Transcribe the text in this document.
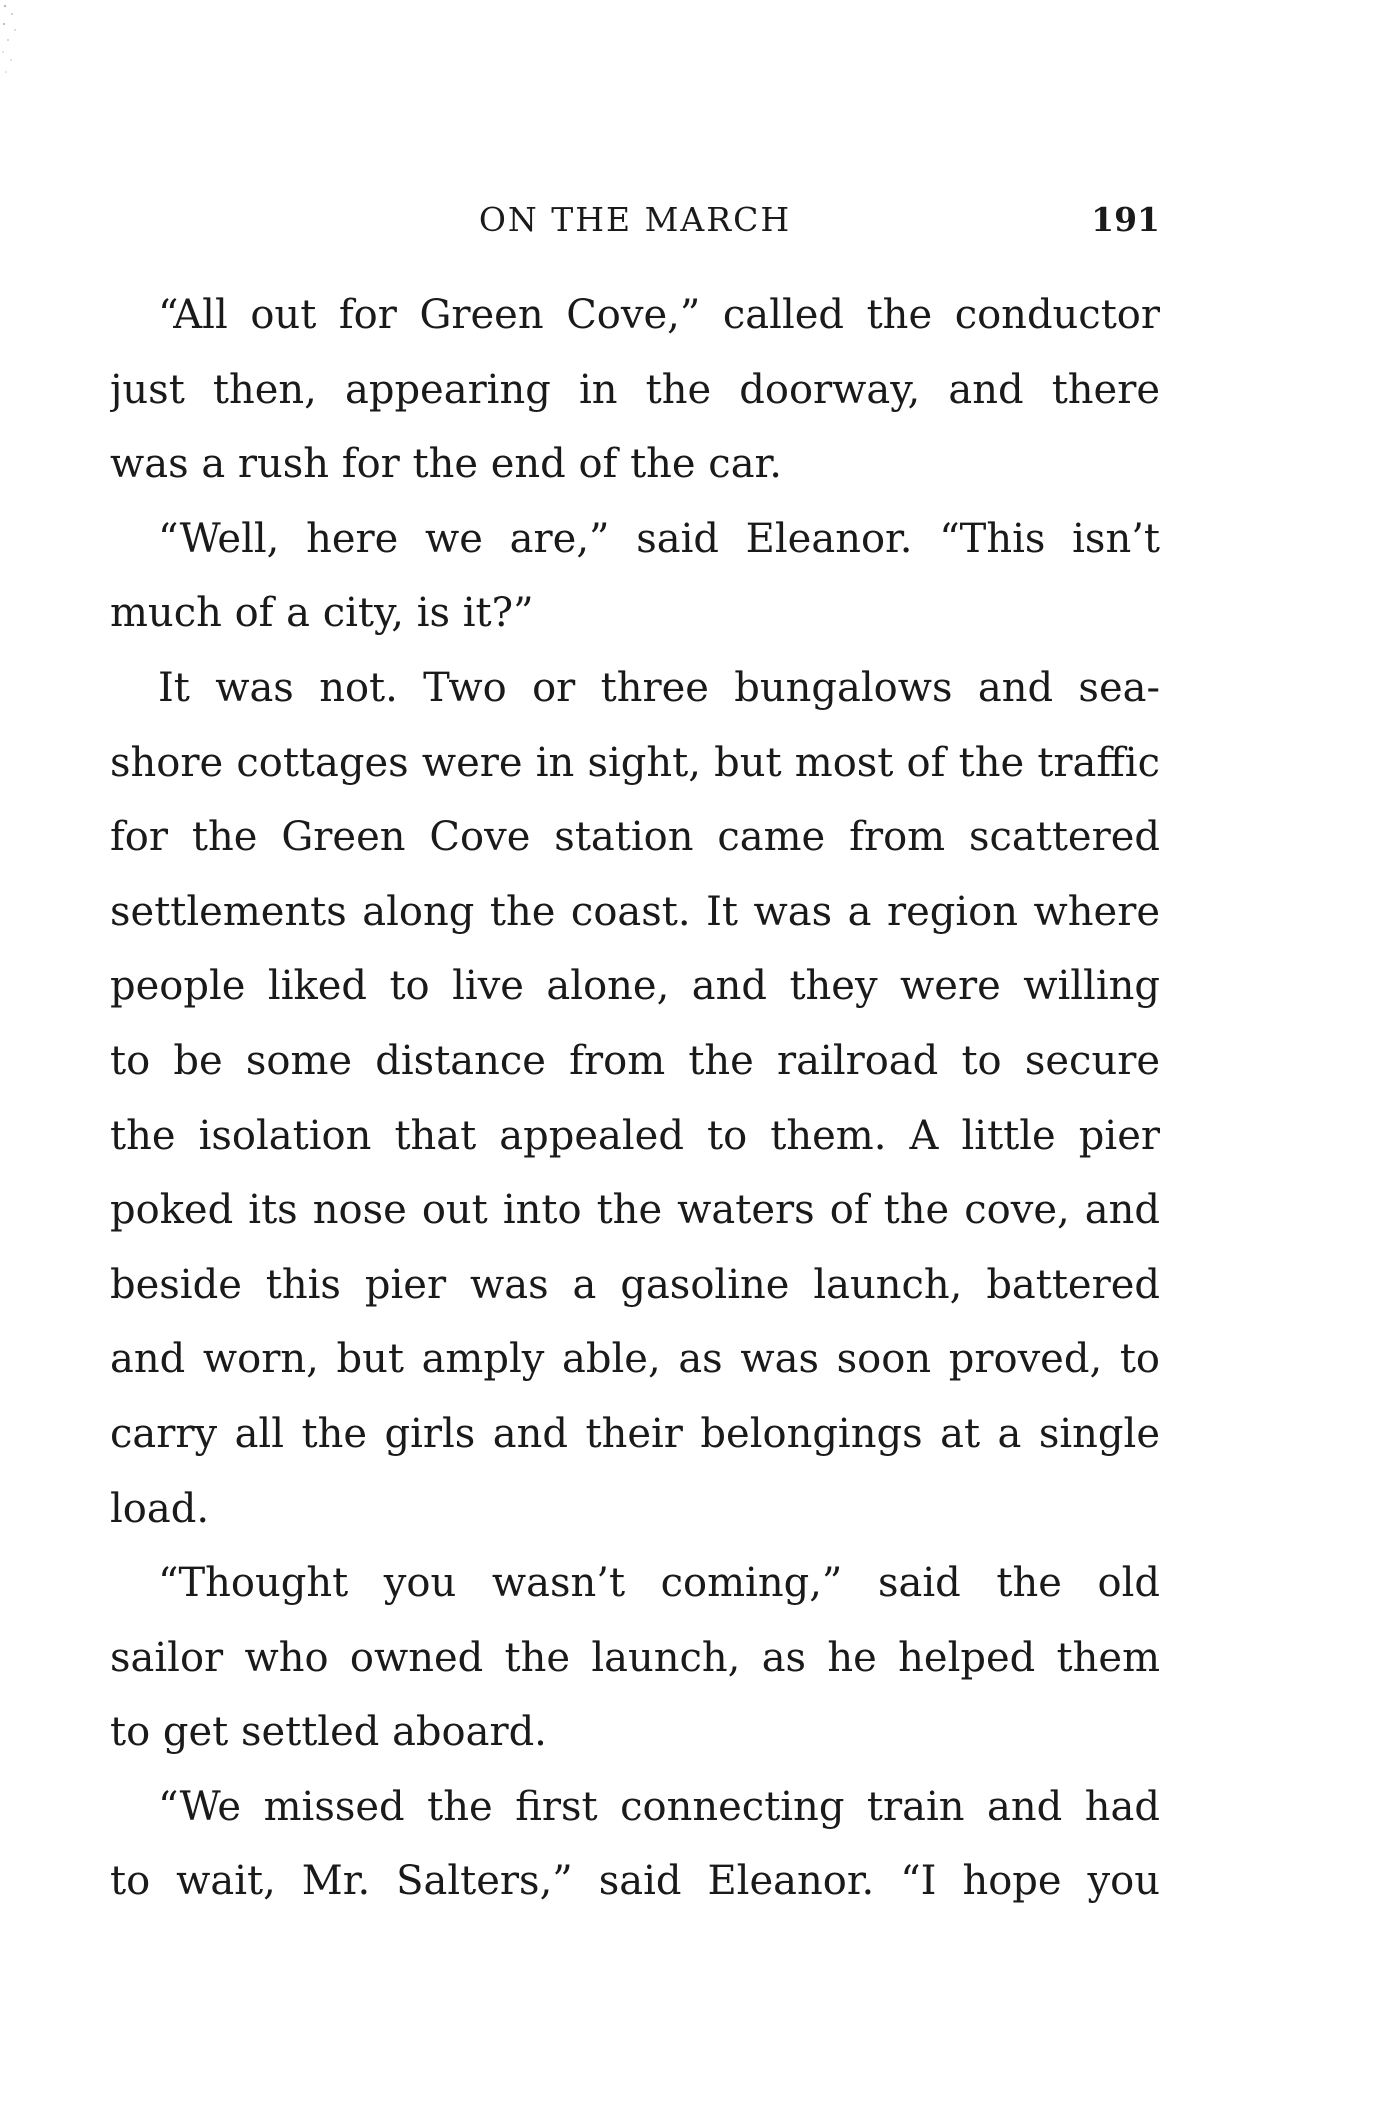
ON THE MARCH	191
“All out for Green Cove,” called the conductor
just then, appearing in the doorway, and there
was a rush for the end of the car.
“Well, here we are,” said Eleanor. “This isn’t
much of a city, is it?”
It was not. Two or three bungalows and sea-
shore cottages were in sight, but most of the traffic
for the Green Cove station came from scattered
settlements along the coast. It was a region where
people liked to live alone, and they were willing
to be some distance from the railroad to secure
the isolation that appealed to them. A little pier
poked its nose out into the waters of the cove, and
beside this pier was a gasoline launch, battered
and worn, but amply able, as was soon proved, to
carry all the girls and their belongings at a single
load.
“Thought you wasn’t coming,” said the old
sailor who owned the launch, as he helped them
to get settled aboard.
“We missed the first connecting train and had
to wait, Mr. Salters,” said Eleanor. “I hope you
